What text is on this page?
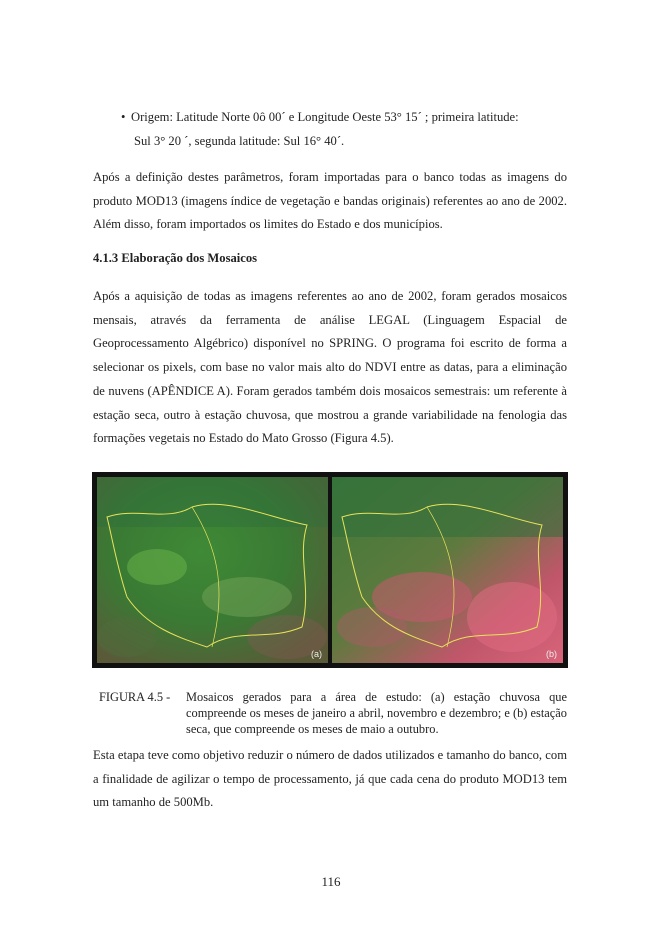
• Origem: Latitude Norte 0ô 00´ e Longitude Oeste 53° 15´ ; primeira latitude:
Sul 3° 20 ´, segunda latitude: Sul 16° 40´.

Após a definição destes parâmetros, foram importadas para o banco todas as imagens do produto MOD13 (imagens índice de vegetação e bandas originais) referentes ao ano de 2002. Além disso, foram importados os limites do Estado e dos municípios.

4.1.3 Elaboração dos Mosaicos

Após a aquisição de todas as imagens referentes ao ano de 2002, foram gerados mosaicos mensais, através da ferramenta de análise LEGAL (Linguagem Espacial de Geoprocessamento Algébrico) disponível no SPRING. O programa foi escrito de forma a selecionar os pixels, com base no valor mais alto do NDVI entre as datas, para a eliminação de nuvens (APÊNDICE A). Foram gerados também dois mosaicos semestrais: um referente à estação seca, outro à estação chuvosa, que mostrou a grande variabilidade na fenologia das formações vegetais no Estado do Mato Grosso (Figura 4.5).

(a)	(b)
FIGURA 4.5 - Mosaicos gerados para a área de estudo: (a) estação chuvosa que compreende os meses de janeiro a abril, novembro e dezembro; e (b) estação seca, que compreende os meses de maio a outubro.

Esta etapa teve como objetivo reduzir o número de dados utilizados e tamanho do banco, com a finalidade de agilizar o tempo de processamento, já que cada cena do produto MOD13 tem um tamanho de 500Mb.

116
